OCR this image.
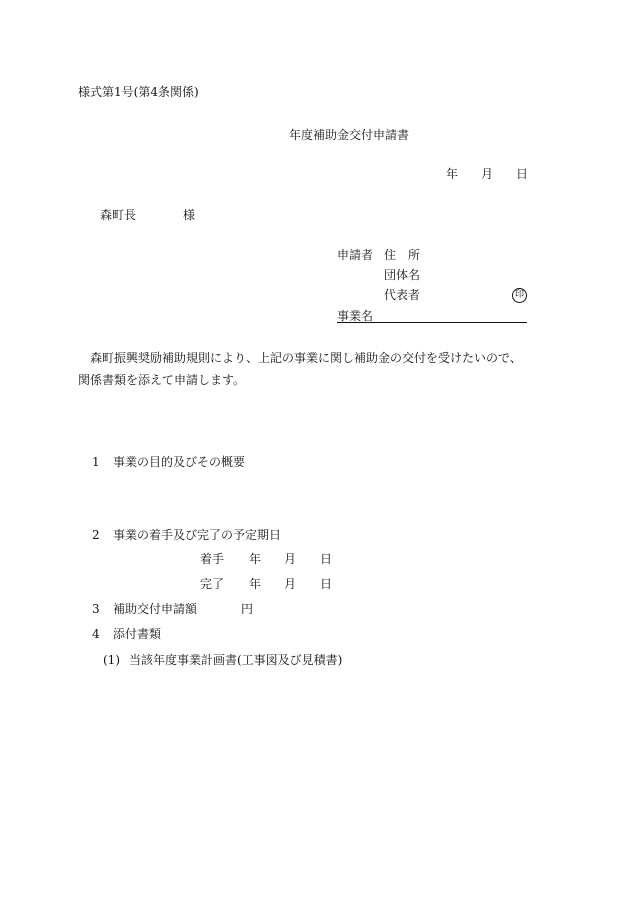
様式第1号(第4条関係)
年度補助金交付申請書
年 月 日
森町長	様
申請者 住　所
団体名
代表者	印
事業名
森町振興奨励補助規則により、上記の事業に関し補助金の交付を受けたいので、関係書類を添えて申請します。
1 事業の目的及びその概要
2 事業の着手及び完了の予定期日
着手 年 月 日
完了 年 月 日
3 補助交付申請額	円
4 添付書類
(1) 当該年度事業計画書(工事図及び見積書)
